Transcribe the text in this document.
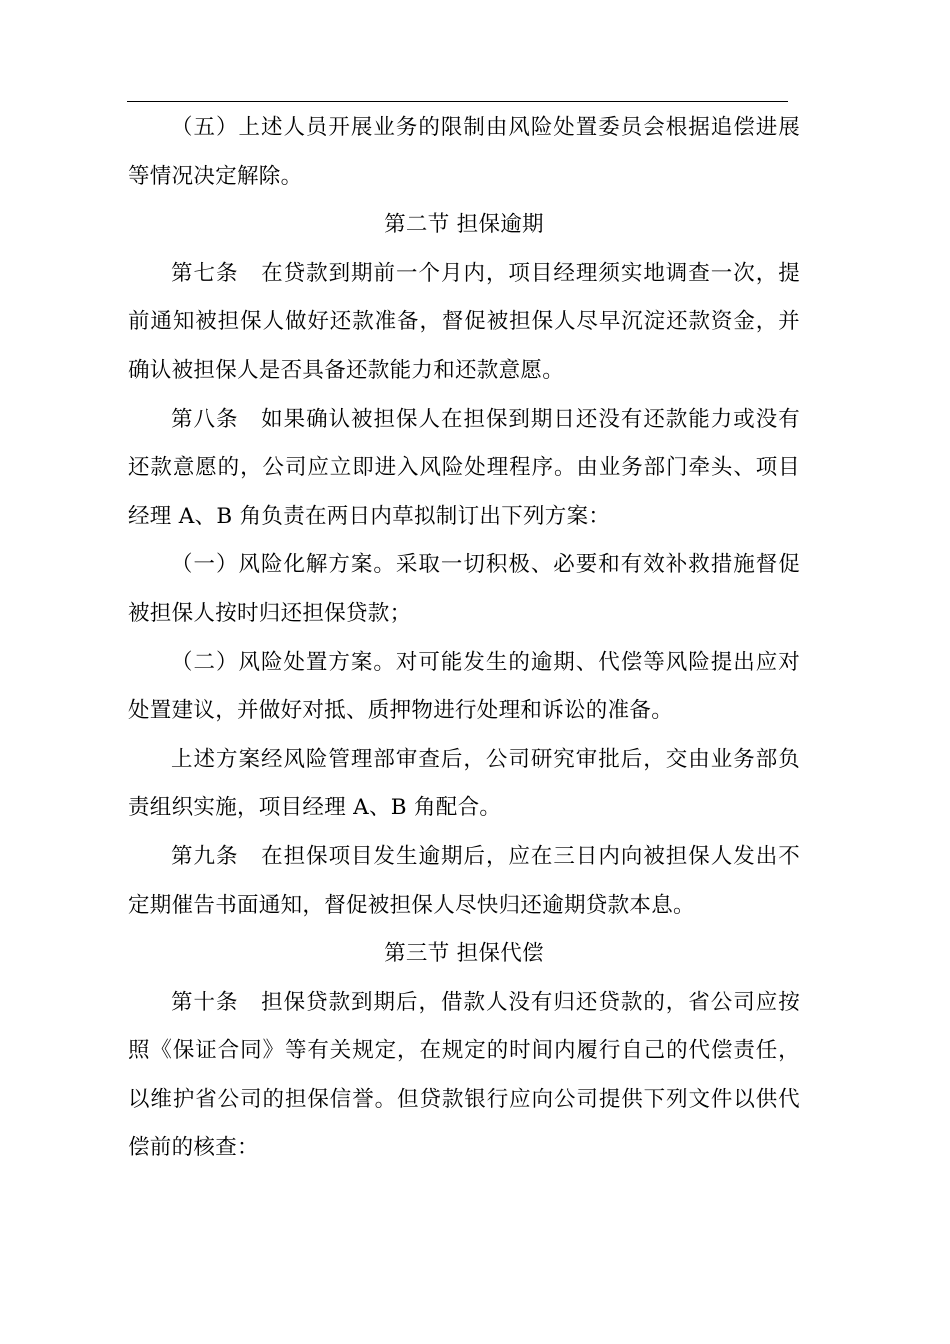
（五）上述人员开展业务的限制由风险处置委员会根据追偿进展等情况决定解除。

第二节 担保逾期

第七条 在贷款到期前一个月内，项目经理须实地调查一次，提前通知被担保人做好还款准备，督促被担保人尽早沉淀还款资金，并确认被担保人是否具备还款能力和还款意愿。

第八条 如果确认被担保人在担保到期日还没有还款能力或没有还款意愿的，公司应立即进入风险处理程序。由业务部门牵头、项目经理 A、B 角负责在两日内草拟制订出下列方案：

（一）风险化解方案。采取一切积极、必要和有效补救措施督促被担保人按时归还担保贷款；

（二）风险处置方案。对可能发生的逾期、代偿等风险提出应对处置建议，并做好对抵、质押物进行处理和诉讼的准备。

上述方案经风险管理部审查后，公司研究审批后，交由业务部负责组织实施，项目经理 A、B 角配合。

第九条 在担保项目发生逾期后，应在三日内向被担保人发出不定期催告书面通知，督促被担保人尽快归还逾期贷款本息。

第三节 担保代偿

第十条 担保贷款到期后，借款人没有归还贷款的，省公司应按照《保证合同》等有关规定，在规定的时间内履行自己的代偿责任，以维护省公司的担保信誉。但贷款银行应向公司提供下列文件以供代偿前的核查：
